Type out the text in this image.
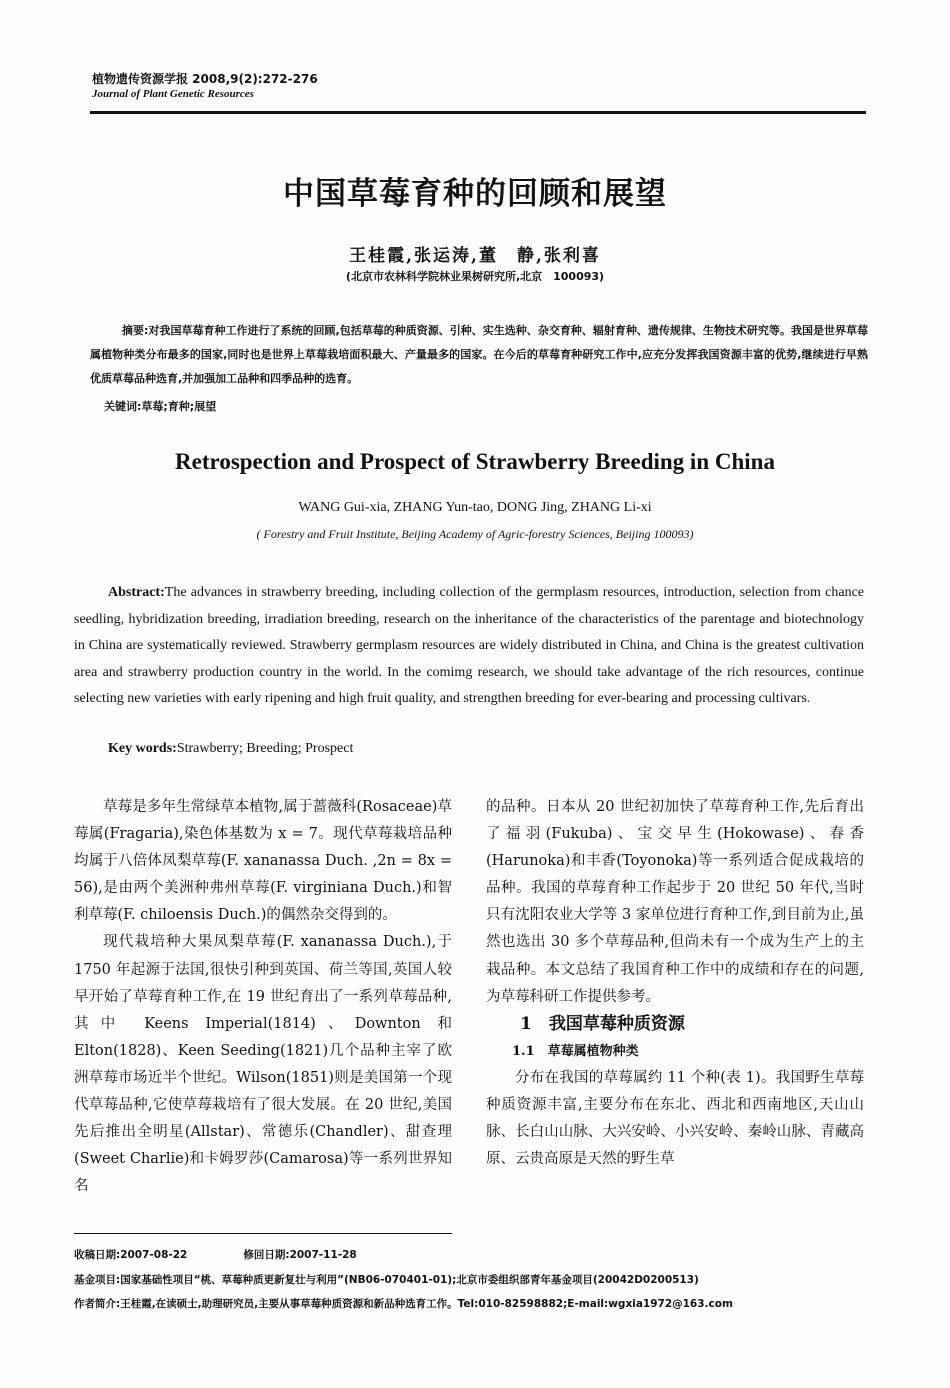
植物遗传资源学报 2008,9(2):272-276
Journal of Plant Genetic Resources
中国草莓育种的回顾和展望
王桂霞,张运涛,董　静,张利喜
(北京市农林科学院林业果树研究所,北京　100093)
摘要:对我国草莓育种工作进行了系统的回顾,包括草莓的种质资源、引种、实生选种、杂交育种、辐射育种、遗传规律、生物技术研究等。我国是世界草莓属植物种类分布最多的国家,同时也是世界上草莓栽培面积最大、产量最多的国家。在今后的草莓育种研究工作中,应充分发挥我国资源丰富的优势,继续进行早熟优质草莓品种选育,并加强加工品种和四季品种的选育。
关键词:草莓;育种;展望
Retrospection and Prospect of Strawberry Breeding in China
WANG Gui-xia, ZHANG Yun-tao, DONG Jing, ZHANG Li-xi
( Forestry and Fruit Institute, Beijing Academy of Agric-forestry Sciences, Beijing 100093)
Abstract:The advances in strawberry breeding, including collection of the germplasm resources, introduction, selection from chance seedling, hybridization breeding, irradiation breeding, research on the inheritance of the characteristics of the parentage and biotechnology in China are systematically reviewed. Strawberry germplasm resources are widely distributed in China, and China is the greatest cultivation area and strawberry production country in the world. In the comimg research, we should take advantage of the rich resources, continue selecting new varieties with early ripening and high fruit quality, and strengthen breeding for ever-bearing and processing cultivars.
Key words:Strawberry; Breeding; Prospect

草莓是多年生常绿草本植物,属于蔷薇科(Rosaceae)草莓属(Fragaria),染色体基数为 x = 7。现代草莓栽培品种均属于八倍体凤梨草莓(F. xananassa Duch. ,2n = 8x = 56),是由两个美洲种弗州草莓(F. virginiana Duch.)和智利草莓(F. chiloensis Duch.)的偶然杂交得到的。

现代栽培种大果凤梨草莓(F. xananassa Duch.),于 1750 年起源于法国,很快引种到英国、荷兰等国,英国人较早开始了草莓育种工作,在 19 世纪育出了一系列草莓品种,其中 Keens Imperial(1814)、Downton 和 Elton(1828)、Keen Seeding(1821)几个品种主宰了欧洲草莓市场近半个世纪。Wilson(1851)则是美国第一个现代草莓品种,它使草莓栽培有了很大发展。在 20 世纪,美国先后推出全明星(Allstar)、常德乐(Chandler)、甜查理(Sweet Charlie)和卡姆罗莎(Camarosa)等一系列世界知名

的品种。日本从 20 世纪初加快了草莓育种工作,先后育出了福羽(Fukuba)、宝交早生(Hokowase)、春香(Harunoka)和丰香(Toyonoka)等一系列适合促成栽培的品种。我国的草莓育种工作起步于 20 世纪 50 年代,当时只有沈阳农业大学等 3 家单位进行育种工作,到目前为止,虽然也选出 30 多个草莓品种,但尚未有一个成为生产上的主栽品种。本文总结了我国育种工作中的成绩和存在的问题,为草莓科研工作提供参考。

1　我国草莓种质资源

1.1　草莓属植物种类

分布在我国的草莓属约 11 个种(表 1)。我国野生草莓种质资源丰富,主要分布在东北、西北和西南地区,天山山脉、长白山山脉、大兴安岭、小兴安岭、秦岭山脉、青藏高原、云贵高原是天然的野生草

收稿日期:2007-08-22	修回日期:2007-11-28
基金项目:国家基础性项目“桃、草莓种质更新复壮与利用”(NB06-070401-01);北京市委组织部青年基金项目(20042D0200513)
作者简介:王桂霞,在读硕士,助理研究员,主要从事草莓种质资源和新品种选育工作。Tel:010-82598882;E-mail:wgxia1972@163.com
